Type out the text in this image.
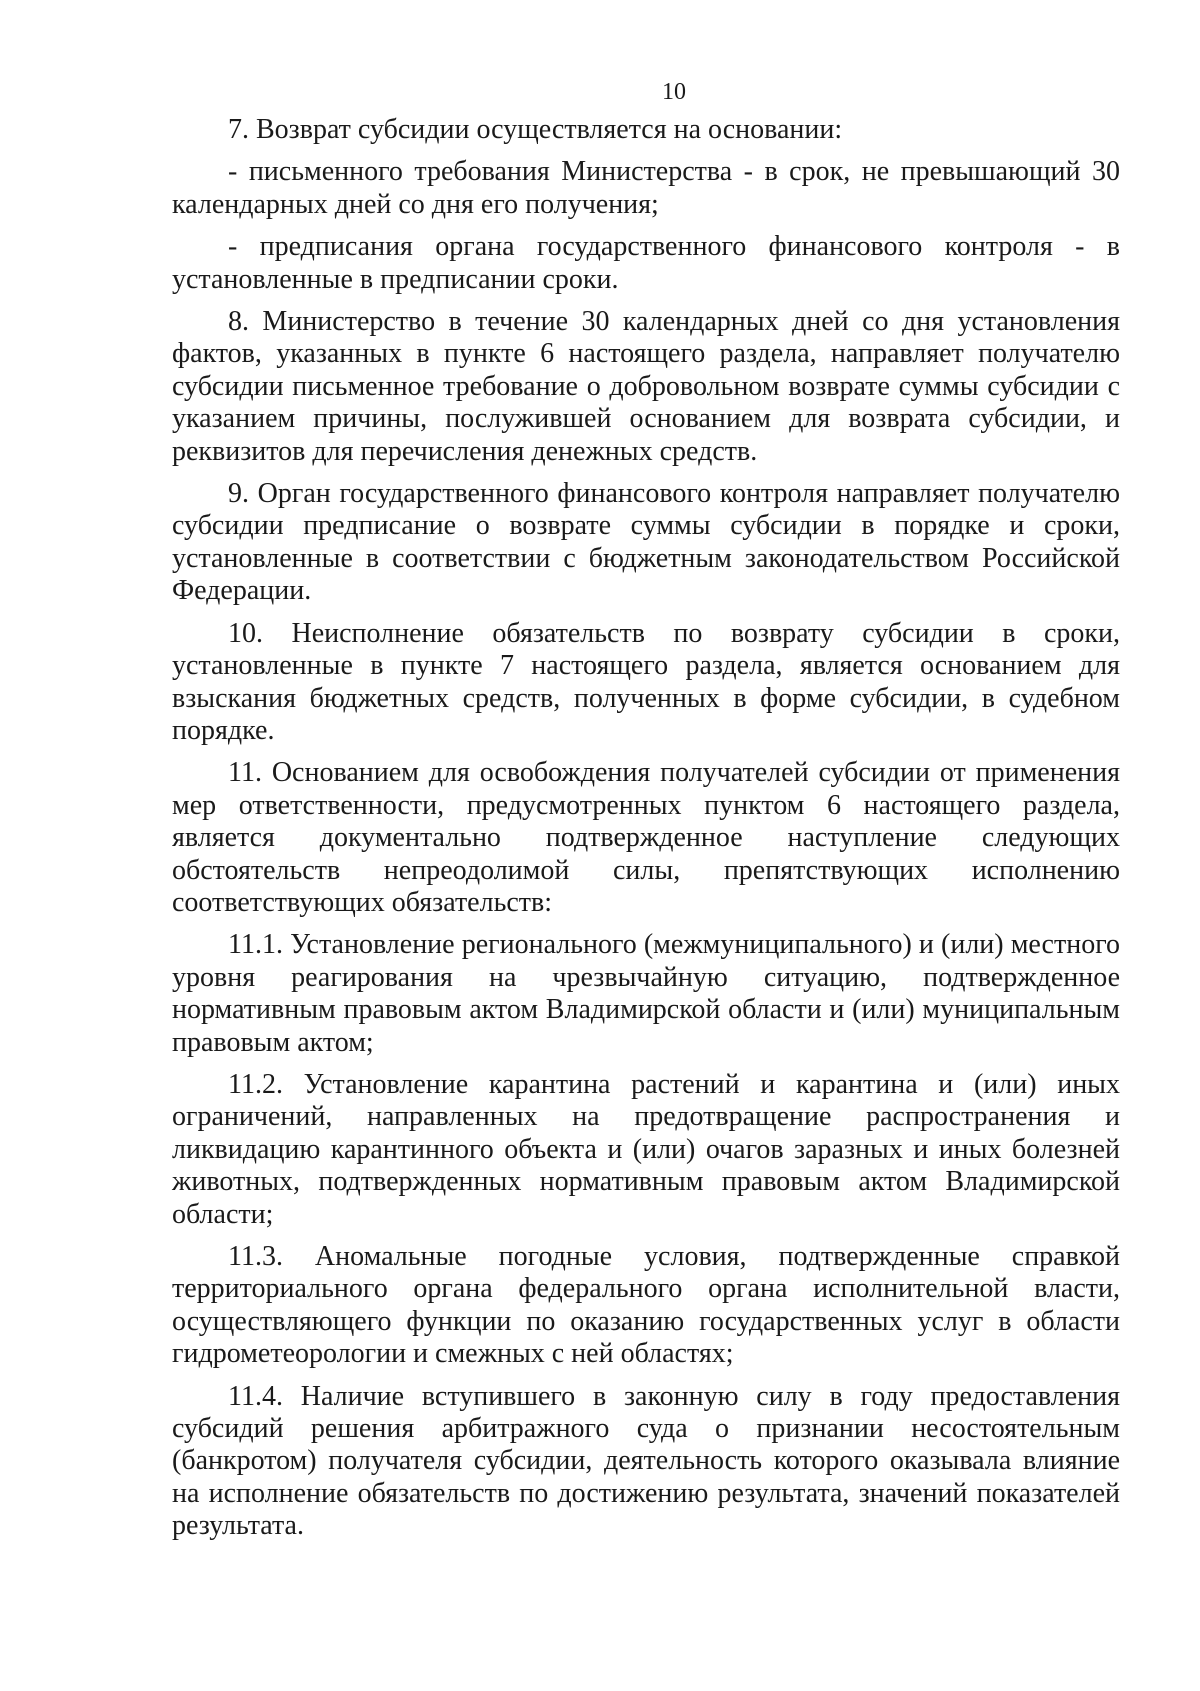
10

7. Возврат субсидии осуществляется на основании:

- письменного требования Министерства - в срок, не превышающий 30 календарных дней со дня его получения;

- предписания органа государственного финансового контроля - в установленные в предписании сроки.

8. Министерство в течение 30 календарных дней со дня установления фактов, указанных в пункте 6 настоящего раздела, направляет получателю субсидии письменное требование о добровольном возврате суммы субсидии с указанием причины, послужившей основанием для возврата субсидии, и реквизитов для перечисления денежных средств.

9. Орган государственного финансового контроля направляет получателю субсидии предписание о возврате суммы субсидии в порядке и сроки, установленные в соответствии с бюджетным законодательством Российской Федерации.

10. Неисполнение обязательств по возврату субсидии в сроки, установленные в пункте 7 настоящего раздела, является основанием для взыскания бюджетных средств, полученных в форме субсидии, в судебном порядке.

11. Основанием для освобождения получателей субсидии от применения мер ответственности, предусмотренных пунктом 6 настоящего раздела, является документально подтвержденное наступление следующих обстоятельств непреодолимой силы, препятствующих исполнению соответствующих обязательств:

11.1. Установление регионального (межмуниципального) и (или) местного уровня реагирования на чрезвычайную ситуацию, подтвержденное нормативным правовым актом Владимирской области и (или) муниципальным правовым актом;

11.2. Установление карантина растений и карантина и (или) иных ограничений, направленных на предотвращение распространения и ликвидацию карантинного объекта и (или) очагов заразных и иных болезней животных, подтвержденных нормативным правовым актом Владимирской области;

11.3. Аномальные погодные условия, подтвержденные справкой территориального органа федерального органа исполнительной власти, осуществляющего функции по оказанию государственных услуг в области гидрометеорологии и смежных с ней областях;

11.4. Наличие вступившего в законную силу в году предоставления субсидий решения арбитражного суда о признании несостоятельным (банкротом) получателя субсидии, деятельность которого оказывала влияние на исполнение обязательств по достижению результата, значений показателей результата.
